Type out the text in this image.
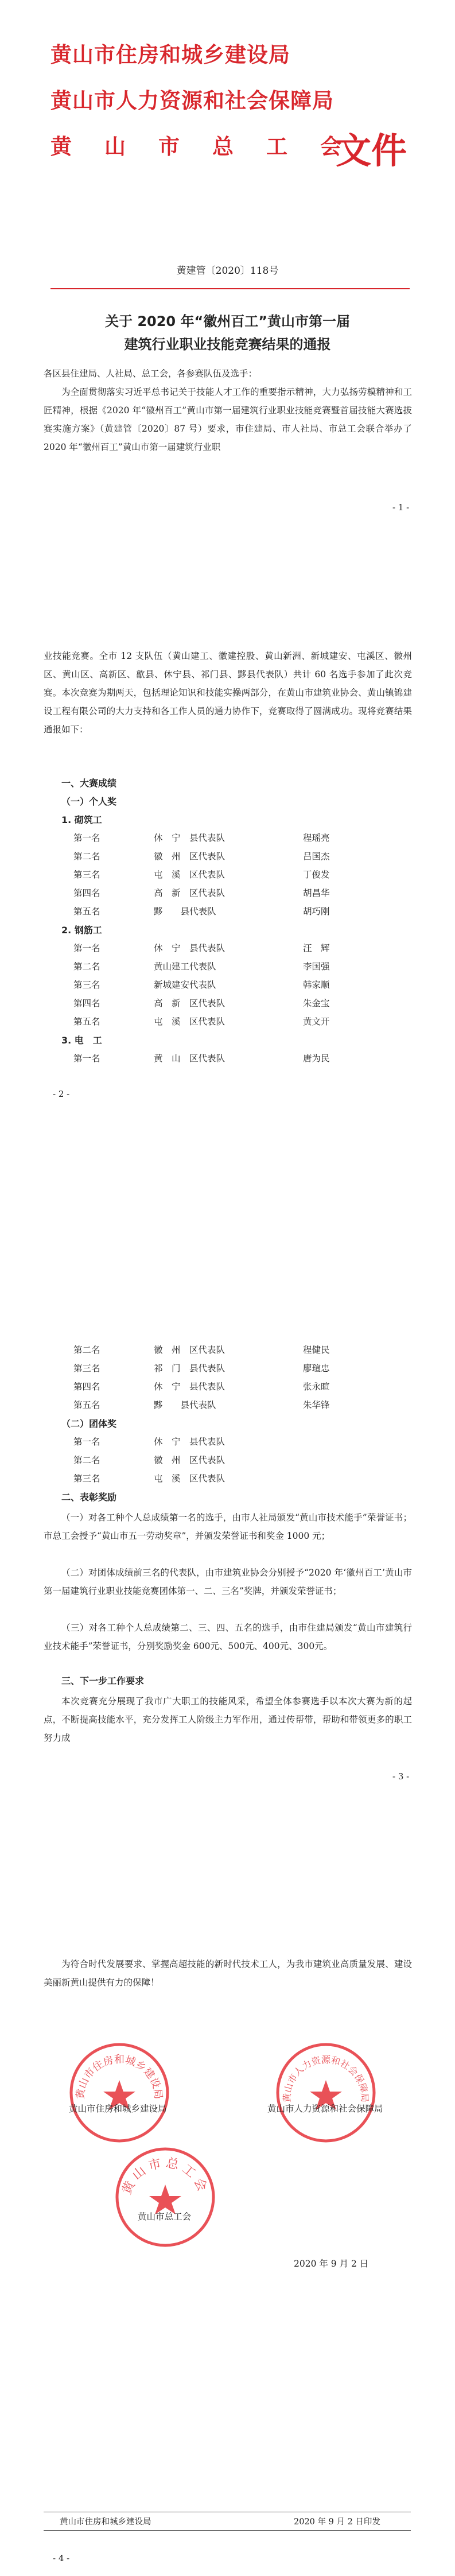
黄山市住房和城乡建设局
黄山市人力资源和社会保障局
黄　山　市　总　工　会
文件
黄建管〔2020〕118号
关于 2020 年“徽州百工”黄山市第一届
建筑行业职业技能竞赛结果的通报
各区县住建局、人社局、总工会，各参赛队伍及选手：
为全面贯彻落实习近平总书记关于技能人才工作的重要指示精神，大力弘扬劳模精神和工匠精神，根据《2020 年“徽州百工”黄山市第一届建筑行业职业技能竞赛暨首届技能大赛选拔赛实施方案》（黄建管〔2020〕87 号）要求，市住建局、市人社局、市总工会联合举办了 2020 年“徽州百工”黄山市第一届建筑行业职
- 1 -
业技能竞赛。全市 12 支队伍（黄山建工、徽建控股、黄山新洲、新城建安、屯溪区、徽州区、黄山区、高新区、歙县、休宁县、祁门县、黟县代表队）共计 60 名选手参加了此次竞赛。本次竞赛为期两天，包括理论知识和技能实操两部分，在黄山市建筑业协会、黄山镇锦建设工程有限公司的大力支持和各工作人员的通力协作下，竞赛取得了圆满成功。现将竞赛结果通报如下：
一、大赛成绩
（一）个人奖
1. 砌筑工
第一名	休　宁　县代表队	程瑶亮
第二名	徽　州　区代表队	吕国杰
第三名	屯　溪　区代表队	丁俊发
第四名	高　新　区代表队	胡昌华
第五名	黟　　县代表队	胡巧刚
2. 钢筋工
第一名	休　宁　县代表队	汪　辉
第二名	黄山建工代表队	李国强
第三名	新城建安代表队	韩家顺
第四名	高　新　区代表队	朱金宝
第五名	屯　溪　区代表队	黄文开
3. 电　工
第一名	黄　山　区代表队	唐为民
- 2 -
第二名	徽　州　区代表队	程健民
第三名	祁　门　县代表队	廖瑄忠
第四名	休　宁　县代表队	张永暄
第五名	黟　　县代表队	朱华锋
（二）团体奖
第一名	休　宁　县代表队
第二名	徽　州　区代表队
第三名	屯　溪　区代表队
二、表彰奖励
（一）对各工种个人总成绩第一名的选手，由市人社局颁发“黄山市技术能手”荣誉证书；市总工会授予“黄山市五一劳动奖章”，并颁发荣誉证书和奖金 1000 元；
（二）对团体成绩前三名的代表队，由市建筑业协会分别授予“2020 年‘徽州百工’黄山市第一届建筑行业职业技能竞赛团体第一、二、三名”奖牌，并颁发荣誉证书；
（三）对各工种个人总成绩第二、三、四、五名的选手，由市住建局颁发“黄山市建筑行业技术能手”荣誉证书，分别奖励奖金 600元、500元、400元、300元。
三、下一步工作要求
本次竞赛充分展现了我市广大职工的技能风采，希望全体参赛选手以本次大赛为新的起点，不断提高技能水平，充分发挥工人阶级主力军作用，通过传帮带，帮助和带领更多的职工努力成
- 3 -
为符合时代发展要求、掌握高超技能的新时代技术工人，为我市建筑业高质量发展、建设美丽新黄山提供有力的保障！
黄山市住房和城乡建设局	黄山市人力资源和社会保障局
黄山市总工会
黄山市住房和城乡建设局	黄山市人力资源和社会保障局
黄山市总工会
2020 年 9 月 2 日
黄山市住房和城乡建设局	2020 年 9 月 2 日印发
- 4 -
